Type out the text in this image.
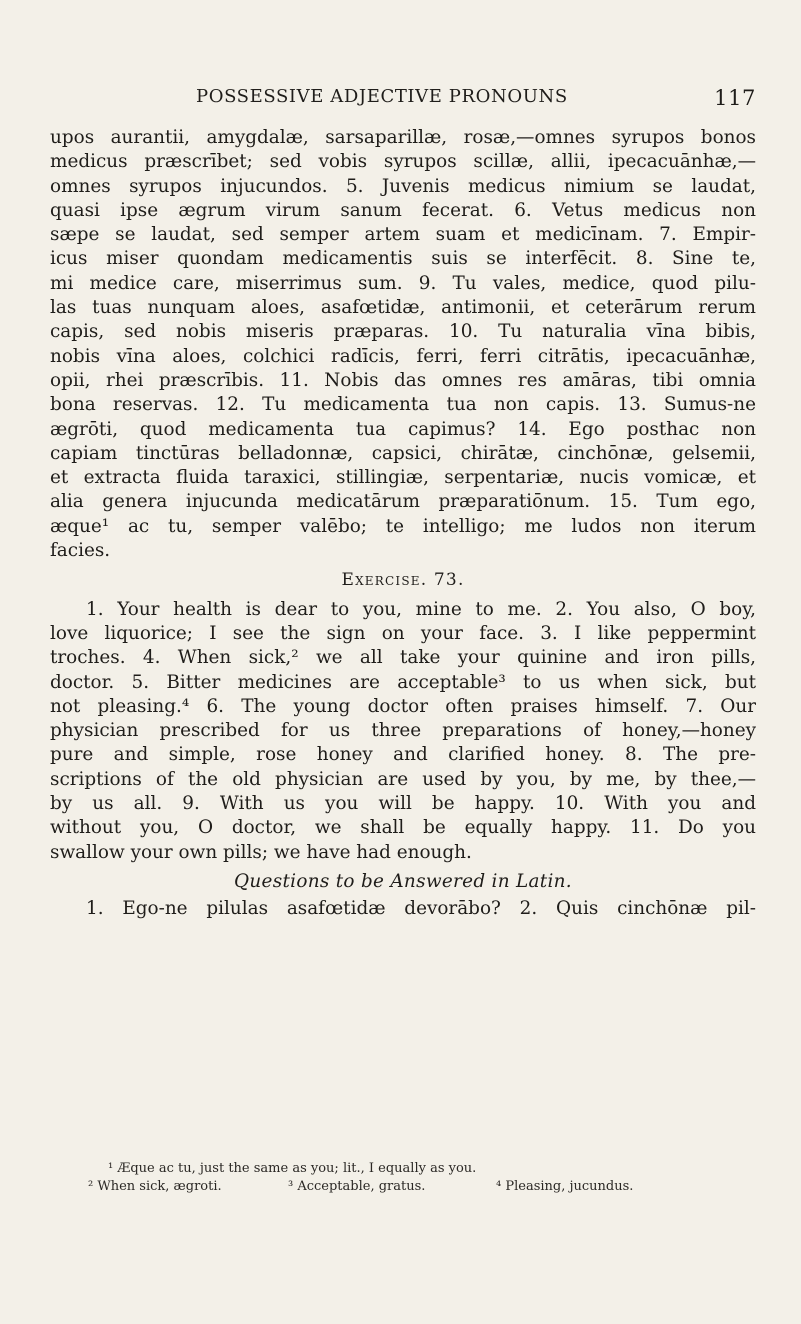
POSSESSIVE ADJECTIVE PRONOUNS	117
upos aurantii, amygdalæ, sarsaparillæ, rosæ,—omnes syrupos bonos
medicus præscrībet; sed vobis syrupos scillæ, allii, ipecacuānhæ,—
omnes syrupos injucundos. 5. Juvenis medicus nimium se laudat,
quasi ipse ægrum virum sanum fecerat. 6. Vetus medicus non
sæpe se laudat, sed semper artem suam et medicīnam. 7. Empir-
icus miser quondam medicamentis suis se interfēcit. 8. Sine te,
mi medice care, miserrimus sum. 9. Tu vales, medice, quod pilu-
las tuas nunquam aloes, asafœtidæ, antimonii, et ceterārum rerum
capis, sed nobis miseris præparas. 10. Tu naturalia vīna bibis,
nobis vīna aloes, colchici radīcis, ferri, ferri citrātis, ipecacuānhæ,
opii, rhei præscrībis. 11. Nobis das omnes res amāras, tibi omnia
bona reservas. 12. Tu medicamenta tua non capis. 13. Sumus-ne
ægrōti, quod medicamenta tua capimus? 14. Ego posthac non
capiam tinctūras belladonnæ, capsici, chirātæ, cinchōnæ, gelsemii,
et extracta fluida taraxici, stillingiæ, serpentariæ, nucis vomicæ, et
alia genera injucunda medicatārum præparatiōnum. 15. Tum ego,
æque¹ ac tu, semper valēbo; te intelligo; me ludos non iterum
facies.
Exercise. 73.
1. Your health is dear to you, mine to me. 2. You also, O boy,
love liquorice; I see the sign on your face. 3. I like peppermint
troches. 4. When sick,² we all take your quinine and iron pills,
doctor. 5. Bitter medicines are acceptable³ to us when sick, but
not pleasing.⁴ 6. The young doctor often praises himself. 7. Our
physician prescribed for us three preparations of honey,—honey
pure and simple, rose honey and clarified honey. 8. The pre-
scriptions of the old physician are used by you, by me, by thee,—
by us all. 9. With us you will be happy. 10. With you and
without you, O doctor, we shall be equally happy. 11. Do you
swallow your own pills; we have had enough.
Questions to be Answered in Latin.
1. Ego-ne pilulas asafœtidæ devorābo? 2. Quis cinchōnæ pil-
¹ Æque ac tu, just the same as you; lit., I equally as you.
² When sick, ægroti.	³ Acceptable, gratus.	⁴ Pleasing, jucundus.
